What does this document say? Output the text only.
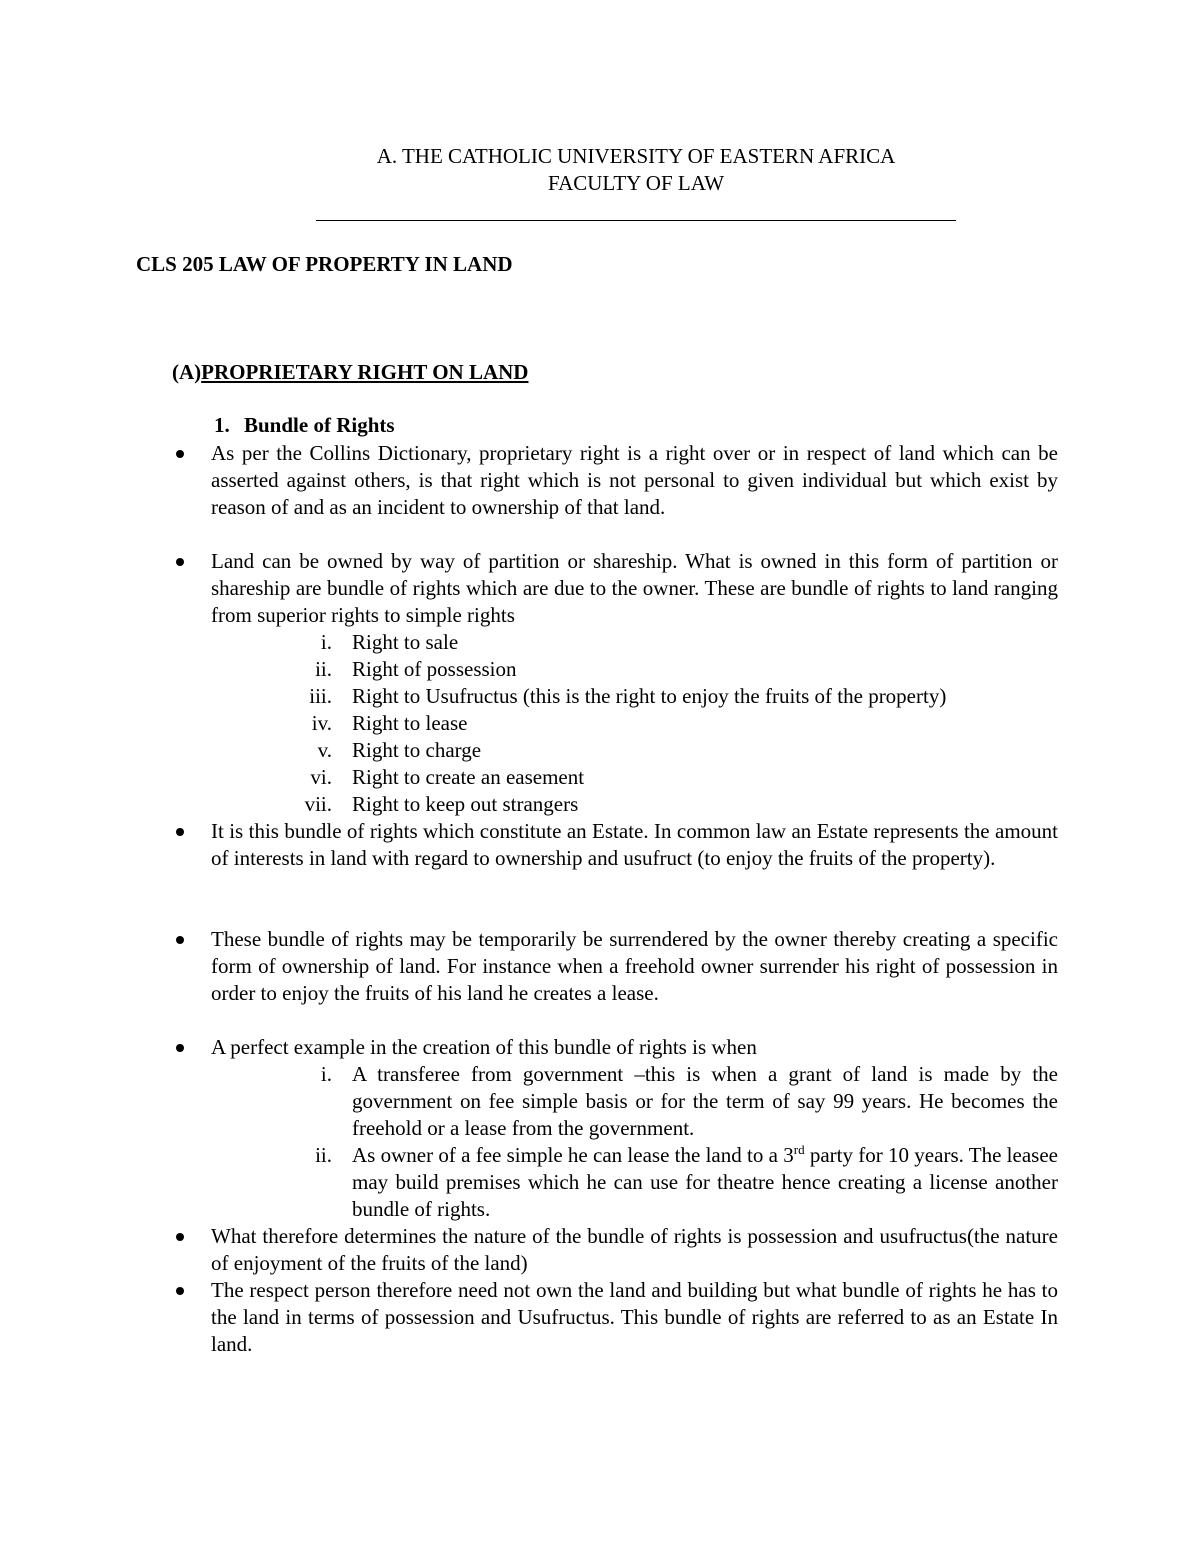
A. THE CATHOLIC UNIVERSITY OF EASTERN AFRICA
FACULTY OF LAW
CLS 205 LAW OF PROPERTY IN LAND
(A)PROPRIETARY RIGHT ON LAND
1. Bundle of Rights
As per the Collins Dictionary, proprietary right is a right over or in respect of land which can be asserted against others, is that right which is not personal to given individual but which exist by reason of and as an incident to ownership of that land.
Land can be owned by way of partition or shareship. What is owned in this form of partition or shareship are bundle of rights which are due to the owner. These are bundle of rights to land ranging from superior rights to simple rights
i. Right to sale
ii. Right of possession
iii. Right to Usufructus (this is the right to enjoy the fruits of the property)
iv. Right to lease
v. Right to charge
vi. Right to create an easement
vii. Right to keep out strangers
It is this bundle of rights which constitute an Estate. In common law an Estate represents the amount of interests in land with regard to ownership and usufruct (to enjoy the fruits of the property).
These bundle of rights may be temporarily be surrendered by the owner thereby creating a specific form of ownership of land. For instance when a freehold owner surrender his right of possession in order to enjoy the fruits of his land he creates a lease.
A perfect example in the creation of this bundle of rights is when
i. A transferee from government –this is when a grant of land is made by the government on fee simple basis or for the term of say 99 years. He becomes the freehold or a lease from the government.
ii. As owner of a fee simple he can lease the land to a 3rd party for 10 years. The leasee may build premises which he can use for theatre hence creating a license another bundle of rights.
What therefore determines the nature of the bundle of rights is possession and usufructus(the nature of enjoyment of the fruits of the land)
The respect person therefore need not own the land and building but what bundle of rights he has to the land in terms of possession and Usufructus. This bundle of rights are referred to as an Estate In land.
